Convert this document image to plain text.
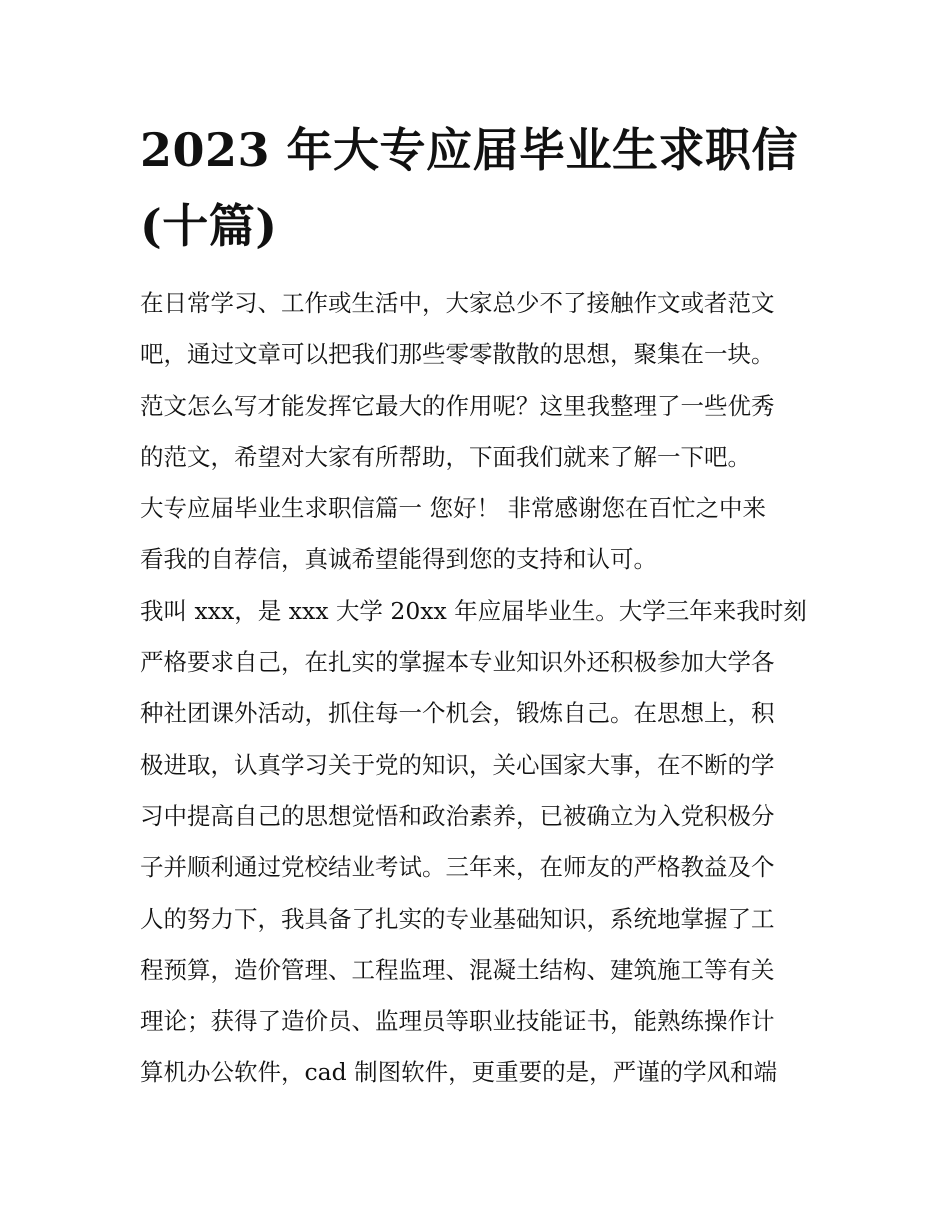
2023 年大专应届毕业生求职信
(十篇)
在日常学习、工作或生活中，大家总少不了接触作文或者范文
吧，通过文章可以把我们那些零零散散的思想，聚集在一块。
范文怎么写才能发挥它最大的作用呢？这里我整理了一些优秀
的范文，希望对大家有所帮助，下面我们就来了解一下吧。
大专应届毕业生求职信篇一 您好！ 非常感谢您在百忙之中来
看我的自荐信，真诚希望能得到您的支持和认可。
我叫 xxx，是 xxx 大学 20xx 年应届毕业生。大学三年来我时刻
严格要求自己，在扎实的掌握本专业知识外还积极参加大学各
种社团课外活动，抓住每一个机会，锻炼自己。在思想上，积
极进取，认真学习关于党的知识，关心国家大事，在不断的学
习中提高自己的思想觉悟和政治素养，已被确立为入党积极分
子并顺利通过党校结业考试。三年来，在师友的严格教益及个
人的努力下，我具备了扎实的专业基础知识，系统地掌握了工
程预算，造价管理、工程监理、混凝土结构、建筑施工等有关
理论；获得了造价员、监理员等职业技能证书，能熟练操作计
算机办公软件，cad 制图软件，更重要的是，严谨的学风和端
